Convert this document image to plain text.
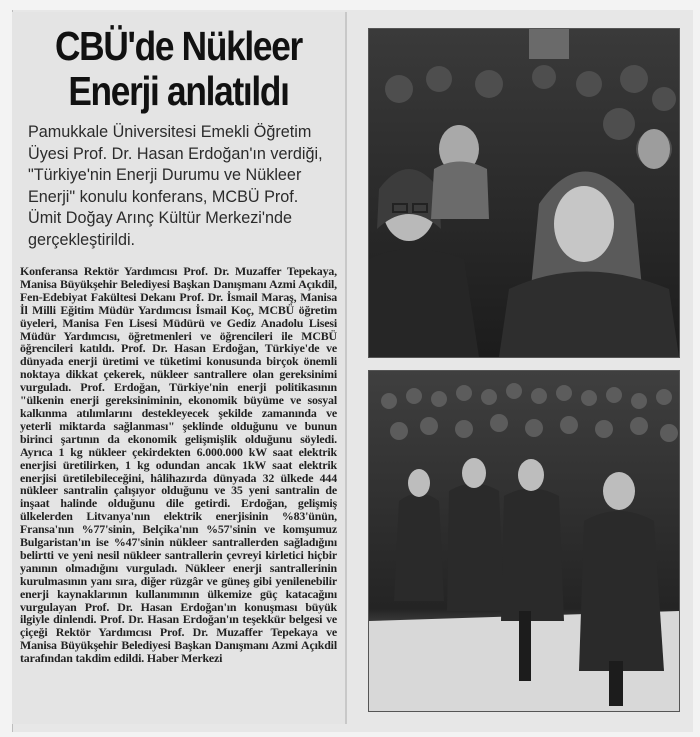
CBÜ'de Nükleer
Enerji anlatıldı
Pamukkale Üniversitesi Emekli Öğretim Üyesi Prof. Dr. Hasan Erdoğan'ın verdiği, "Türkiye'nin Enerji Durumu ve Nükleer Enerji" konulu konferans, MCBÜ Prof. Ümit Doğay Arınç Kültür Merkezi'nde gerçekleştirildi.
Konferansa Rektör Yardımcısı Prof. Dr. Muzaffer Tepekaya, Manisa Büyükşehir Belediyesi Başkan Danışmanı Azmi Açıkdil, Fen-Edebiyat Fakültesi Dekanı Prof. Dr. İsmail Maraş, Manisa İl Milli Eğitim Müdür Yardımcısı İsmail Koç, MCBÜ öğretim üyeleri, Manisa Fen Lisesi Müdürü ve Gediz Anadolu Lisesi Müdür Yardımcısı, öğretmenleri ve öğrencileri ile MCBÜ öğrencileri katıldı. Prof. Dr. Hasan Erdoğan, Türkiye'de ve dünyada enerji üretimi ve tüketimi konusunda birçok önemli noktaya dikkat çekerek, nükleer santrallere olan gereksinimi vurguladı. Prof. Erdoğan, Türkiye'nin enerji politikasının "ülkenin enerji gereksiniminin, ekonomik büyüme ve sosyal kalkınma atılımlarını destekleyecek şekilde zamanında ve yeterli miktarda sağlanması" şeklinde olduğunu ve bunun birinci şartının da ekonomik gelişmişlik olduğunu söyledi. Ayrıca 1 kg nükleer çekirdekten 6.000.000 kW saat elektrik enerjisi üretilirken, 1 kg odundan ancak 1kW saat elektrik enerjisi üretilebileceğini, hâlihazırda dünyada 32 ülkede 444 nükleer santralin çalışıyor olduğunu ve 35 yeni santralin de inşaat halinde olduğunu dile getirdi. Erdoğan, gelişmiş ülkelerden Litvanya'nın elektrik enerjisinin %83'ünün, Fransa'nın %77'sinin, Belçika'nın %57'sinin ve komşumuz Bulgaristan'ın ise %47'sinin nükleer santrallerden sağladığını belirtti ve yeni nesil nükleer santrallerin çevreyi kirletici hiçbir yanının olmadığını vurguladı. Nükleer enerji santrallerinin kurulmasının yanı sıra, diğer rüzgâr ve güneş gibi yenilenebilir enerji kaynaklarının kullanımının ülkemize güç katacağını vurgulayan Prof. Dr. Hasan Erdoğan'ın konuşması büyük ilgiyle dinlendi. Prof. Dr. Hasan Erdoğan'ın teşekkür belgesi ve çiçeği Rektör Yardımcısı Prof. Dr. Muzaffer Tepekaya ve Manisa Büyükşehir Belediyesi Başkan Danışmanı Azmi Açıkdil tarafından takdim edildi. Haber Merkezi
